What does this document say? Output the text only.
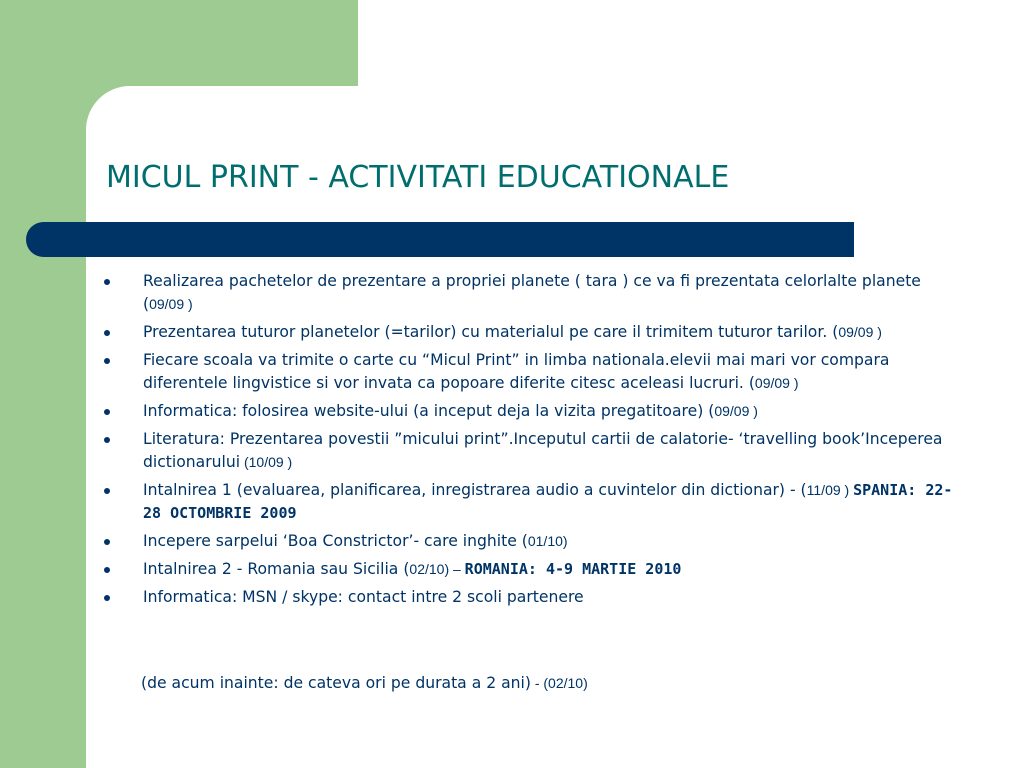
MICUL PRINT - ACTIVITATI EDUCATIONALE
Realizarea pachetelor de prezentare a propriei planete ( tara ) ce va fi prezentata celorlalte planete (09/09 )
Prezentarea tuturor planetelor (=tarilor) cu materialul pe care il trimitem tuturor tarilor. (09/09 )
Fiecare scoala va trimite o carte cu “Micul Print” in limba nationala.elevii mai mari vor compara diferentele lingvistice si vor invata ca popoare diferite citesc aceleasi lucruri. (09/09 )
Informatica: folosirea website-ului (a inceput deja la vizita pregatitoare) (09/09 )
Literatura: Prezentarea povestii ”micului print”.Inceputul cartii de calatorie- ‘travelling book’Inceperea dictionarului (10/09 )
Intalnirea 1 (evaluarea, planificarea, inregistrarea audio a cuvintelor din dictionar) - (11/09 ) SPANIA: 22-28 OCTOMBRIE 2009
Incepere sarpelui ‘Boa Constrictor’- care inghite (01/10)
Intalnirea 2 - Romania sau Sicilia (02/10) – ROMANIA: 4-9 MARTIE 2010
Informatica: MSN / skype: contact intre 2 scoli partenere
(de acum inainte: de cateva ori pe durata a 2 ani) - (02/10)
